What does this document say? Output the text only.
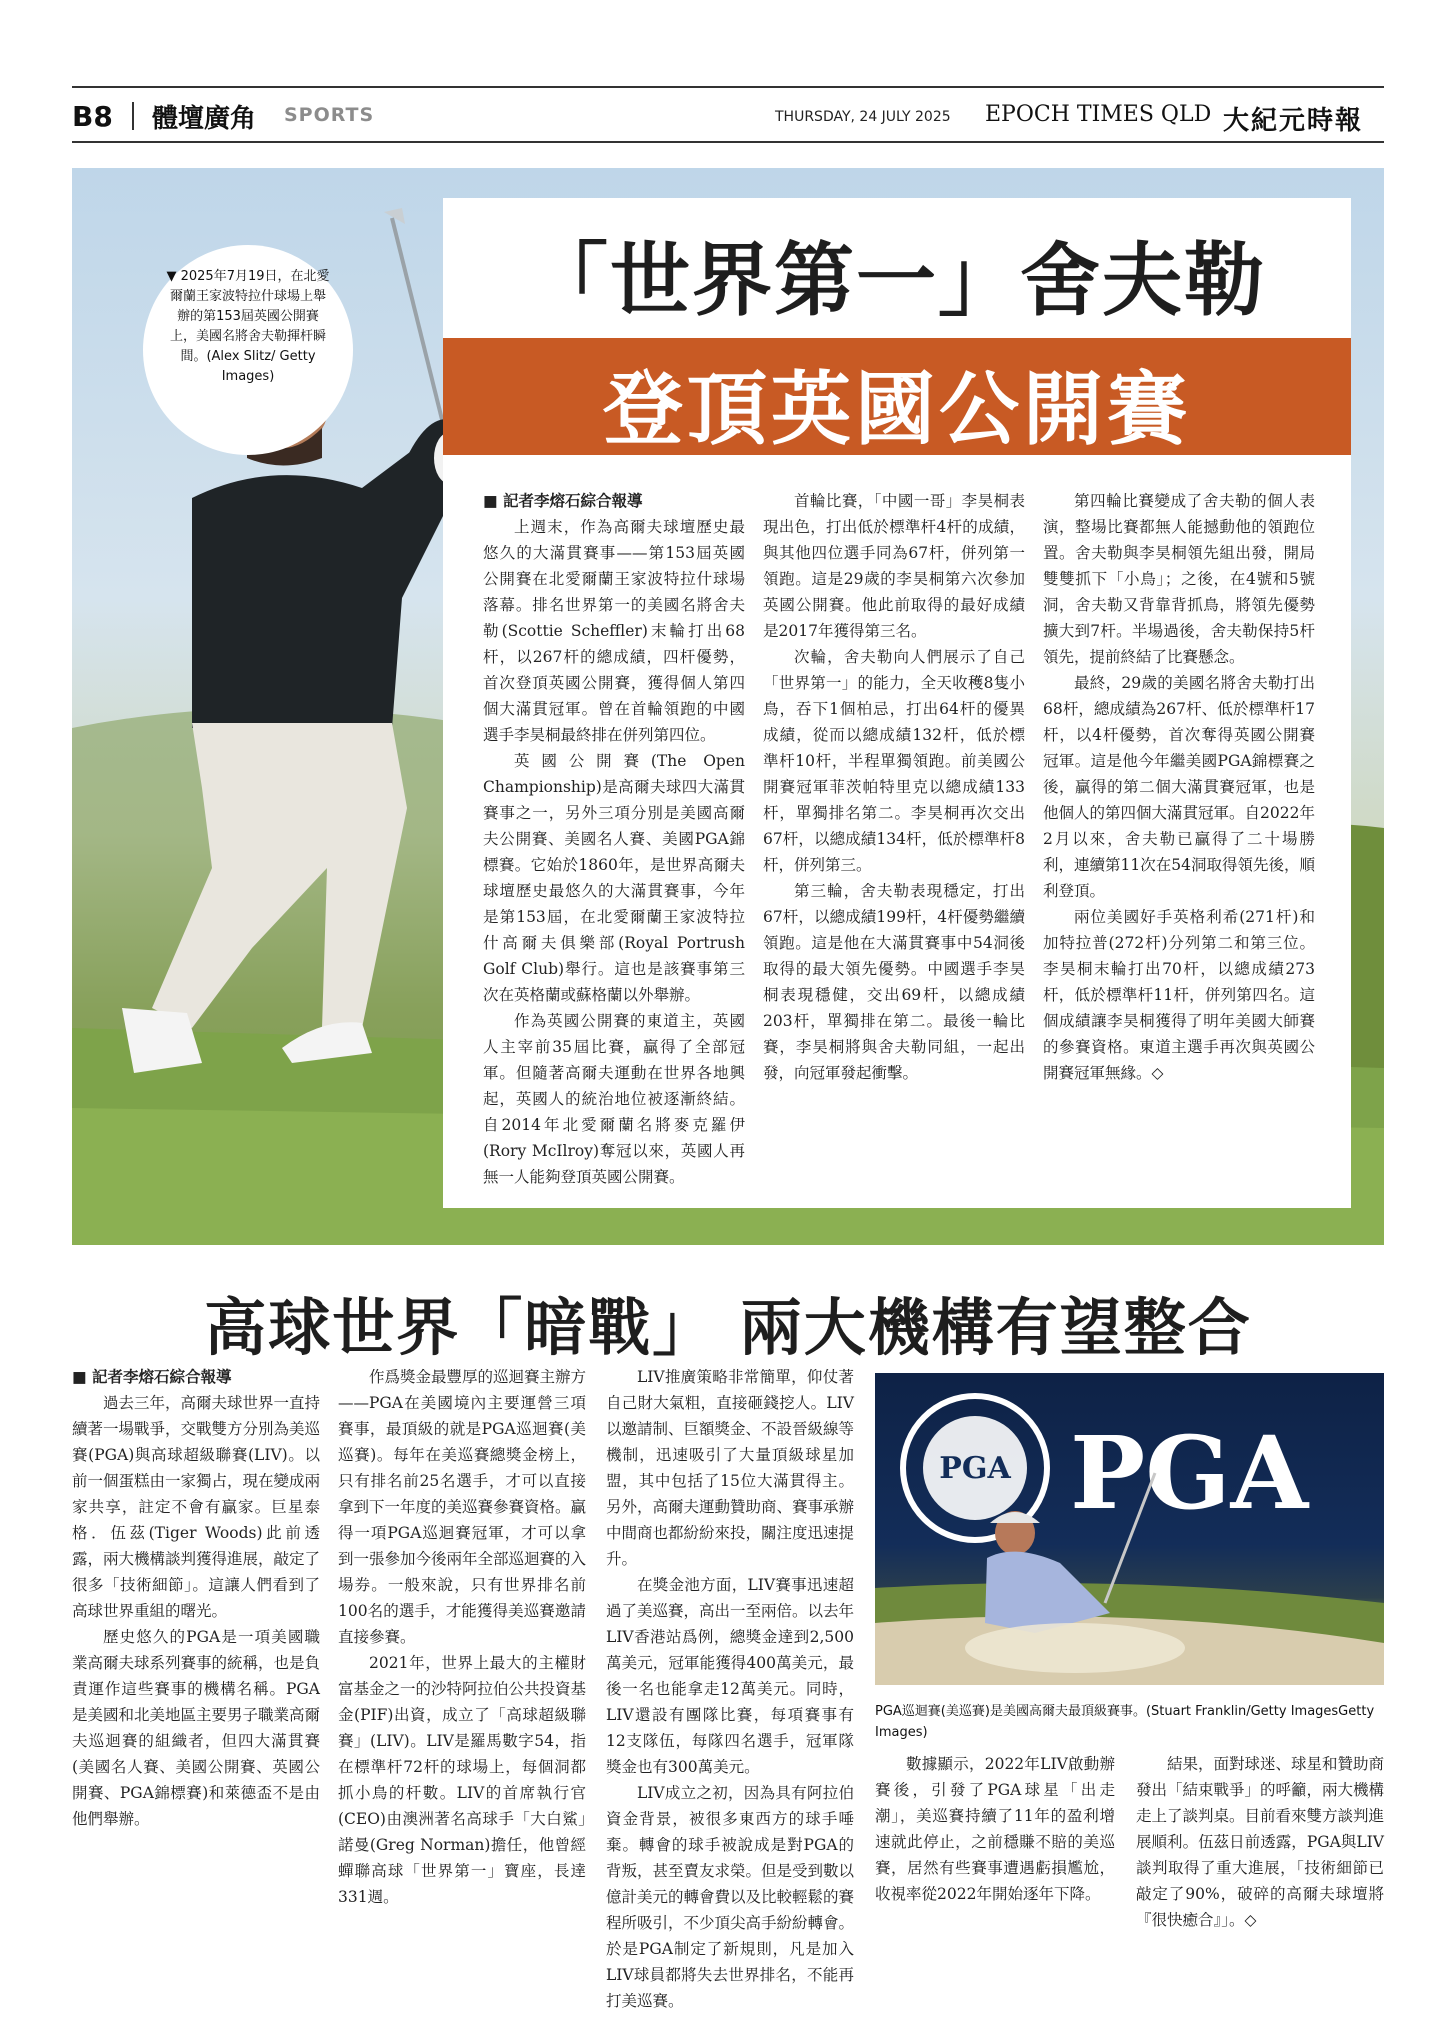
B8 體壇廣角 SPORTS	THURSDAY, 24 JULY 2025 EPOCH TIMES QLD 大紀元時報
▼ 2025年7月19日，在北愛爾蘭王家波特拉什球場上舉辦的第153屆英國公開賽上，美國名將舍夫勒揮杆瞬間。(Alex Slitz/ Getty Images)
「世界第一」舍夫勒
登頂英國公開賽

■ 記者李熔石綜合報導

上週末，作為高爾夫球壇歷史最悠久的大滿貫賽事——第153屆英國公開賽在北愛爾蘭王家波特拉什球場落幕。排名世界第一的美國名將舍夫勒(Scottie Scheffler)末輪打出68杆，以267杆的總成績，四杆優勢，首次登頂英國公開賽，獲得個人第四個大滿貫冠軍。曾在首輪領跑的中國選手李昊桐最終排在併列第四位。

英國公開賽(The Open Championship)是高爾夫球四大滿貫賽事之一，另外三項分別是美國高爾夫公開賽、美國名人賽、美國PGA錦標賽。它始於1860年，是世界高爾夫球壇歷史最悠久的大滿貫賽事，今年是第153屆，在北愛爾蘭王家波特拉什高爾夫俱樂部(Royal Portrush Golf Club)舉行。這也是該賽事第三次在英格蘭或蘇格蘭以外舉辦。

作為英國公開賽的東道主，英國人主宰前35屆比賽，贏得了全部冠軍。但隨著高爾夫運動在世界各地興起，英國人的統治地位被逐漸終結。自2014年北愛爾蘭名將麥克羅伊(Rory McIlroy)奪冠以來，英國人再無一人能夠登頂英國公開賽。

首輪比賽，「中國一哥」李昊桐表現出色，打出低於標準杆4杆的成績，與其他四位選手同為67杆，併列第一領跑。這是29歲的李昊桐第六次參加英國公開賽。他此前取得的最好成績是2017年獲得第三名。

次輪，舍夫勒向人們展示了自己「世界第一」的能力，全天收穫8隻小鳥，吞下1個柏忌，打出64杆的優異成績，從而以總成績132杆，低於標準杆10杆，半程單獨領跑。前美國公開賽冠軍菲茨帕特里克以總成績133杆，單獨排名第二。李昊桐再次交出67杆，以總成績134杆，低於標準杆8杆，併列第三。

第三輪，舍夫勒表現穩定，打出67杆，以總成績199杆，4杆優勢繼續領跑。這是他在大滿貫賽事中54洞後取得的最大領先優勢。中國選手李昊桐表現穩健，交出69杆，以總成績203杆，單獨排在第二。最後一輪比賽，李昊桐將與舍夫勒同組，一起出發，向冠軍發起衝擊。

第四輪比賽變成了舍夫勒的個人表演，整場比賽都無人能撼動他的領跑位置。舍夫勒與李昊桐領先組出發，開局雙雙抓下「小鳥」；之後，在4號和5號洞，舍夫勒又背靠背抓鳥，將領先優勢擴大到7杆。半場過後，舍夫勒保持5杆領先，提前終結了比賽懸念。

最終，29歲的美國名將舍夫勒打出68杆，總成績為267杆、低於標準杆17杆，以4杆優勢，首次奪得英國公開賽冠軍。這是他今年繼美國PGA錦標賽之後，贏得的第二個大滿貫賽冠軍，也是他個人的第四個大滿貫冠軍。自2022年2月以來，舍夫勒已贏得了二十場勝利，連續第11次在54洞取得領先後，順利登頂。

兩位美國好手英格利希(271杆)和加特拉普(272杆)分列第二和第三位。李昊桐末輪打出70杆，以總成績273杆，低於標準杆11杆，併列第四名。這個成績讓李昊桐獲得了明年美國大師賽的參賽資格。東道主選手再次與英國公開賽冠軍無緣。◇

高球世界「暗戰」 兩大機構有望整合

■ 記者李熔石綜合報導

過去三年，高爾夫球世界一直持續著一場戰爭，交戰雙方分別為美巡賽(PGA)與高球超級聯賽(LIV)。以前一個蛋糕由一家獨占，現在變成兩家共享，註定不會有贏家。巨星泰格．伍茲(Tiger Woods)此前透露，兩大機構談判獲得進展，敲定了很多「技術細節」。這讓人們看到了高球世界重組的曙光。

歷史悠久的PGA是一項美國職業高爾夫球系列賽事的統稱，也是負責運作這些賽事的機構名稱。PGA是美國和北美地區主要男子職業高爾夫巡迴賽的組織者，但四大滿貫賽(美國名人賽、美國公開賽、英國公開賽、PGA錦標賽)和萊德盃不是由他們舉辦。

作爲獎金最豐厚的巡迴賽主辦方——PGA在美國境內主要運營三項賽事，最頂級的就是PGA巡迴賽(美巡賽)。每年在美巡賽總獎金榜上，只有排名前25名選手，才可以直接拿到下一年度的美巡賽參賽資格。贏得一項PGA巡迴賽冠軍，才可以拿到一張參加今後兩年全部巡迴賽的入場券。一般來說，只有世界排名前100名的選手，才能獲得美巡賽邀請直接參賽。

2021年，世界上最大的主權財富基金之一的沙特阿拉伯公共投資基金(PIF)出資，成立了「高球超級聯賽」(LIV)。LIV是羅馬數字54，指在標準杆72杆的球場上，每個洞都抓小鳥的杆數。LIV的首席執行官(CEO)由澳洲著名高球手「大白鯊」諾曼(Greg Norman)擔任，他曾經蟬聯高球「世界第一」寶座，長達331週。

LIV推廣策略非常簡單，仰仗著自己財大氣粗，直接砸錢挖人。LIV以邀請制、巨額獎金、不設晉級線等機制，迅速吸引了大量頂級球星加盟，其中包括了15位大滿貫得主。另外，高爾夫運動贊助商、賽事承辦中間商也都紛紛來投，關注度迅速提升。

在獎金池方面，LIV賽事迅速超過了美巡賽，高出一至兩倍。以去年LIV香港站爲例，總獎金達到2,500萬美元，冠軍能獲得400萬美元，最後一名也能拿走12萬美元。同時，LIV還設有團隊比賽，每項賽事有12支隊伍，每隊四名選手，冠軍隊獎金也有300萬美元。

LIV成立之初，因為具有阿拉伯資金背景，被很多東西方的球手唾棄。轉會的球手被說成是對PGA的背叛，甚至賣友求榮。但是受到數以億計美元的轉會費以及比較輕鬆的賽程所吸引，不少頂尖高手紛紛轉會。於是PGA制定了新規則，凡是加入LIV球員都將失去世界排名，不能再打美巡賽。

PGA PGA
PGA巡迴賽(美巡賽)是美國高爾夫最頂級賽事。(Stuart Franklin/Getty ImagesGetty Images)

數據顯示，2022年LIV啟動辦賽後，引發了PGA球星「出走潮」，美巡賽持續了11年的盈利增速就此停止，之前穩賺不賠的美巡賽，居然有些賽事遭遇虧損尷尬，收視率從2022年開始逐年下降。

結果，面對球迷、球星和贊助商發出「結束戰爭」的呼籲，兩大機構走上了談判桌。目前看來雙方談判進展順利。伍茲日前透露，PGA與LIV談判取得了重大進展，「技術細節已敲定了90%，破碎的高爾夫球壇將『很快癒合』」。◇
